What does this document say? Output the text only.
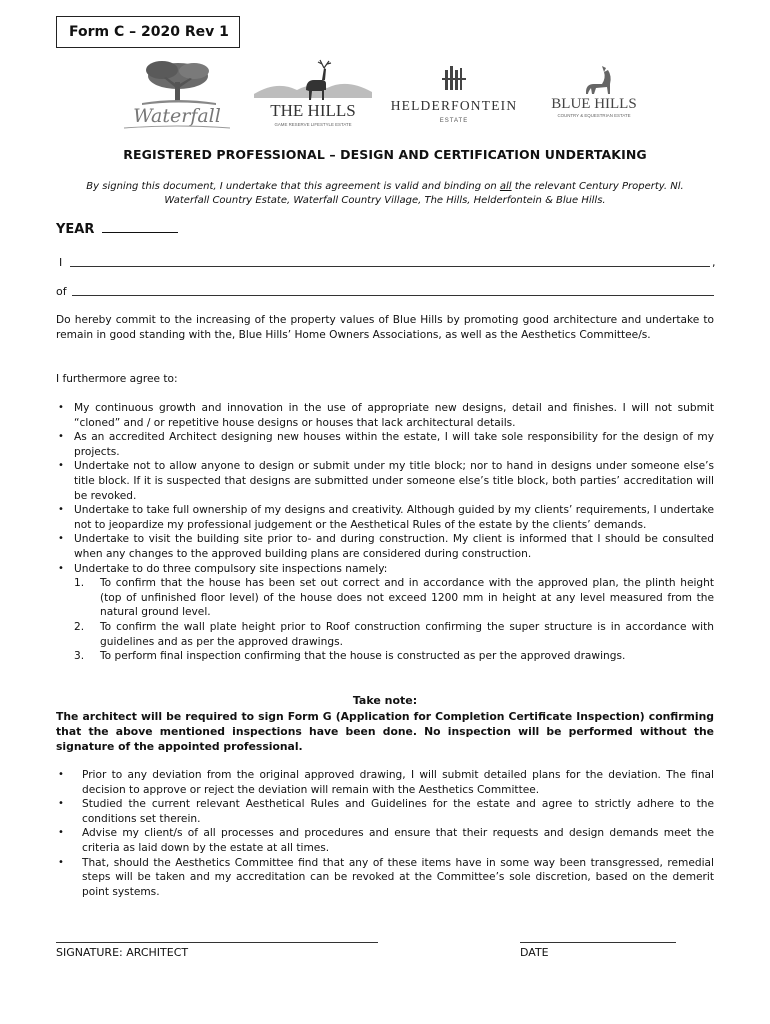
Form C – 2020 Rev 1
Waterfall	THE HILLS
GAME RESERVE LIFESTYLE ESTATE
HELDERFONTEIN
ESTATE
BLUE HILLS
COUNTRY & EQUESTRIAN ESTATE
REGISTERED PROFESSIONAL – DESIGN AND CERTIFICATION UNDERTAKING
By signing this document, I undertake that this agreement is valid and binding on all the relevant Century Property. Nl. Waterfall Country Estate, Waterfall Country Village, The Hills, Helderfontein & Blue Hills.
YEAR
I	,
of
Do hereby commit to the increasing of the property values of Blue Hills by promoting good architecture and undertake to remain in good standing with the, Blue Hills’ Home Owners Associations, as well as the Aesthetics Committee/s.
I furthermore agree to:
• My continuous growth and innovation in the use of appropriate new designs, detail and finishes. I will not submit “cloned” and / or repetitive house designs or houses that lack architectural details.
• As an accredited Architect designing new houses within the estate, I will take sole responsibility for the design of my projects.
• Undertake not to allow anyone to design or submit under my title block; nor to hand in designs under someone else’s title block. If it is suspected that designs are submitted under someone else’s title block, both parties’ accreditation will be revoked.
• Undertake to take full ownership of my designs and creativity. Although guided by my clients’ requirements, I undertake not to jeopardize my professional judgement or the Aesthetical Rules of the estate by the clients’ demands.
• Undertake to visit the building site prior to- and during construction. My client is informed that I should be consulted when any changes to the approved building plans are considered during construction.
• Undertake to do three compulsory site inspections namely:
1. To confirm that the house has been set out correct and in accordance with the approved plan, the plinth height (top of unfinished floor level) of the house does not exceed 1200 mm in height at any level measured from the natural ground level.
2. To confirm the wall plate height prior to Roof construction confirming the super structure is in accordance with guidelines and as per the approved drawings.
3. To perform final inspection confirming that the house is constructed as per the approved drawings.
Take note:
The architect will be required to sign Form G (Application for Completion Certificate Inspection) confirming that the above mentioned inspections have been done. No inspection will be performed without the signature of the appointed professional.
• Prior to any deviation from the original approved drawing, I will submit detailed plans for the deviation. The final decision to approve or reject the deviation will remain with the Aesthetics Committee.
• Studied the current relevant Aesthetical Rules and Guidelines for the estate and agree to strictly adhere to the conditions set therein.
• Advise my client/s of all processes and procedures and ensure that their requests and design demands meet the criteria as laid down by the estate at all times.
• That, should the Aesthetics Committee find that any of these items have in some way been transgressed, remedial steps will be taken and my accreditation can be revoked at the Committee’s sole discretion, based on the demerit point systems.
SIGNATURE: ARCHITECT	DATE
